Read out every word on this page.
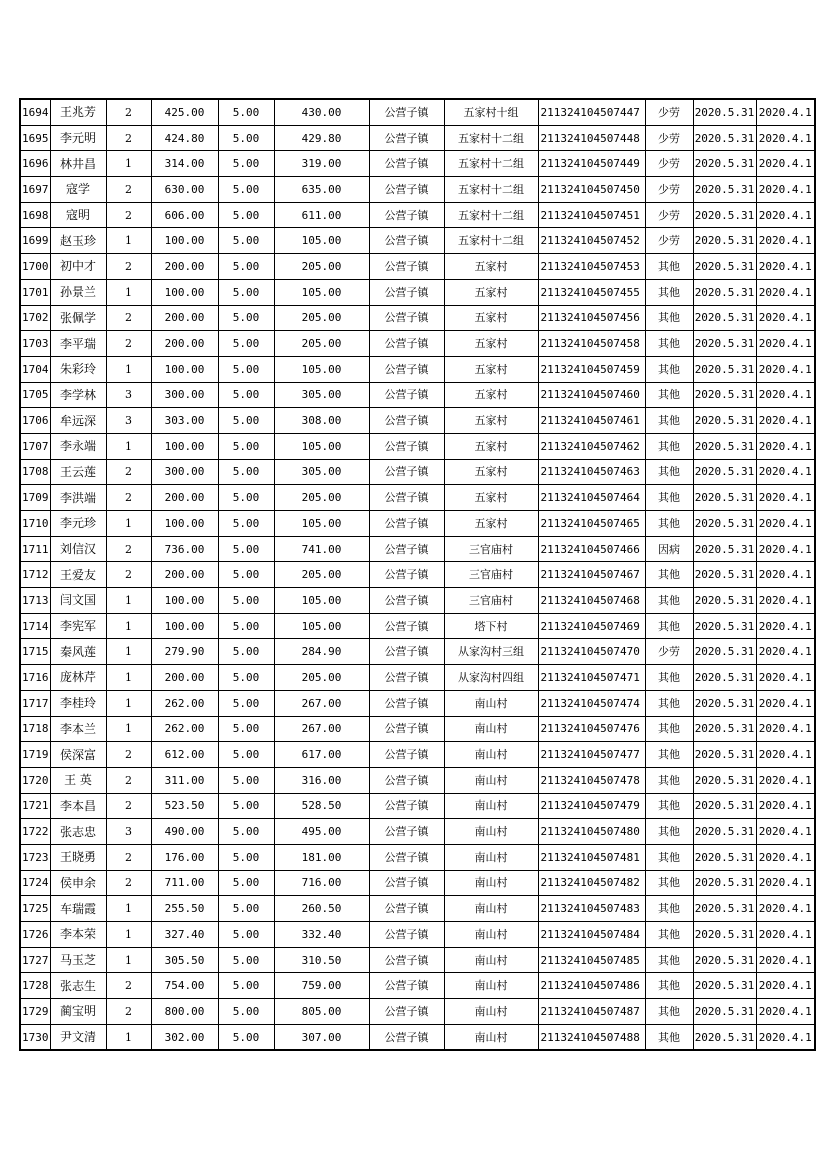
1694	王兆芳	2	425.00	5.00	430.00	公营子镇	五家村十组	211324104507447	少劳	2020.5.31	2020.4.1
1695	李元明	2	424.80	5.00	429.80	公营子镇	五家村十二组	211324104507448	少劳	2020.5.31	2020.4.1
1696	林井昌	1	314.00	5.00	319.00	公营子镇	五家村十二组	211324104507449	少劳	2020.5.31	2020.4.1
1697	寇学	2	630.00	5.00	635.00	公营子镇	五家村十二组	211324104507450	少劳	2020.5.31	2020.4.1
1698	寇明	2	606.00	5.00	611.00	公营子镇	五家村十二组	211324104507451	少劳	2020.5.31	2020.4.1
1699	赵玉珍	1	100.00	5.00	105.00	公营子镇	五家村十二组	211324104507452	少劳	2020.5.31	2020.4.1
1700	初中才	2	200.00	5.00	205.00	公营子镇	五家村	211324104507453	其他	2020.5.31	2020.4.1
1701	孙景兰	1	100.00	5.00	105.00	公营子镇	五家村	211324104507455	其他	2020.5.31	2020.4.1
1702	张佩学	2	200.00	5.00	205.00	公营子镇	五家村	211324104507456	其他	2020.5.31	2020.4.1
1703	李平瑞	2	200.00	5.00	205.00	公营子镇	五家村	211324104507458	其他	2020.5.31	2020.4.1
1704	朱彩玲	1	100.00	5.00	105.00	公营子镇	五家村	211324104507459	其他	2020.5.31	2020.4.1
1705	李学林	3	300.00	5.00	305.00	公营子镇	五家村	211324104507460	其他	2020.5.31	2020.4.1
1706	牟远深	3	303.00	5.00	308.00	公营子镇	五家村	211324104507461	其他	2020.5.31	2020.4.1
1707	李永端	1	100.00	5.00	105.00	公营子镇	五家村	211324104507462	其他	2020.5.31	2020.4.1
1708	王云莲	2	300.00	5.00	305.00	公营子镇	五家村	211324104507463	其他	2020.5.31	2020.4.1
1709	李洪端	2	200.00	5.00	205.00	公营子镇	五家村	211324104507464	其他	2020.5.31	2020.4.1
1710	李元珍	1	100.00	5.00	105.00	公营子镇	五家村	211324104507465	其他	2020.5.31	2020.4.1
1711	刘信汉	2	736.00	5.00	741.00	公营子镇	三官庙村	211324104507466	因病	2020.5.31	2020.4.1
1712	王爱友	2	200.00	5.00	205.00	公营子镇	三官庙村	211324104507467	其他	2020.5.31	2020.4.1
1713	闫文国	1	100.00	5.00	105.00	公营子镇	三官庙村	211324104507468	其他	2020.5.31	2020.4.1
1714	李宪军	1	100.00	5.00	105.00	公营子镇	塔下村	211324104507469	其他	2020.5.31	2020.4.1
1715	秦风莲	1	279.90	5.00	284.90	公营子镇	从家沟村三组	211324104507470	少劳	2020.5.31	2020.4.1
1716	庞林芹	1	200.00	5.00	205.00	公营子镇	从家沟村四组	211324104507471	其他	2020.5.31	2020.4.1
1717	李桂玲	1	262.00	5.00	267.00	公营子镇	南山村	211324104507474	其他	2020.5.31	2020.4.1
1718	李本兰	1	262.00	5.00	267.00	公营子镇	南山村	211324104507476	其他	2020.5.31	2020.4.1
1719	侯深富	2	612.00	5.00	617.00	公营子镇	南山村	211324104507477	其他	2020.5.31	2020.4.1
1720	王 英	2	311.00	5.00	316.00	公营子镇	南山村	211324104507478	其他	2020.5.31	2020.4.1
1721	李本昌	2	523.50	5.00	528.50	公营子镇	南山村	211324104507479	其他	2020.5.31	2020.4.1
1722	张志忠	3	490.00	5.00	495.00	公营子镇	南山村	211324104507480	其他	2020.5.31	2020.4.1
1723	王晓勇	2	176.00	5.00	181.00	公营子镇	南山村	211324104507481	其他	2020.5.31	2020.4.1
1724	侯申余	2	711.00	5.00	716.00	公营子镇	南山村	211324104507482	其他	2020.5.31	2020.4.1
1725	车瑞霞	1	255.50	5.00	260.50	公营子镇	南山村	211324104507483	其他	2020.5.31	2020.4.1
1726	李本荣	1	327.40	5.00	332.40	公营子镇	南山村	211324104507484	其他	2020.5.31	2020.4.1
1727	马玉芝	1	305.50	5.00	310.50	公营子镇	南山村	211324104507485	其他	2020.5.31	2020.4.1
1728	张志生	2	754.00	5.00	759.00	公营子镇	南山村	211324104507486	其他	2020.5.31	2020.4.1
1729	蔺宝明	2	800.00	5.00	805.00	公营子镇	南山村	211324104507487	其他	2020.5.31	2020.4.1
1730	尹文清	1	302.00	5.00	307.00	公营子镇	南山村	211324104507488	其他	2020.5.31	2020.4.1
